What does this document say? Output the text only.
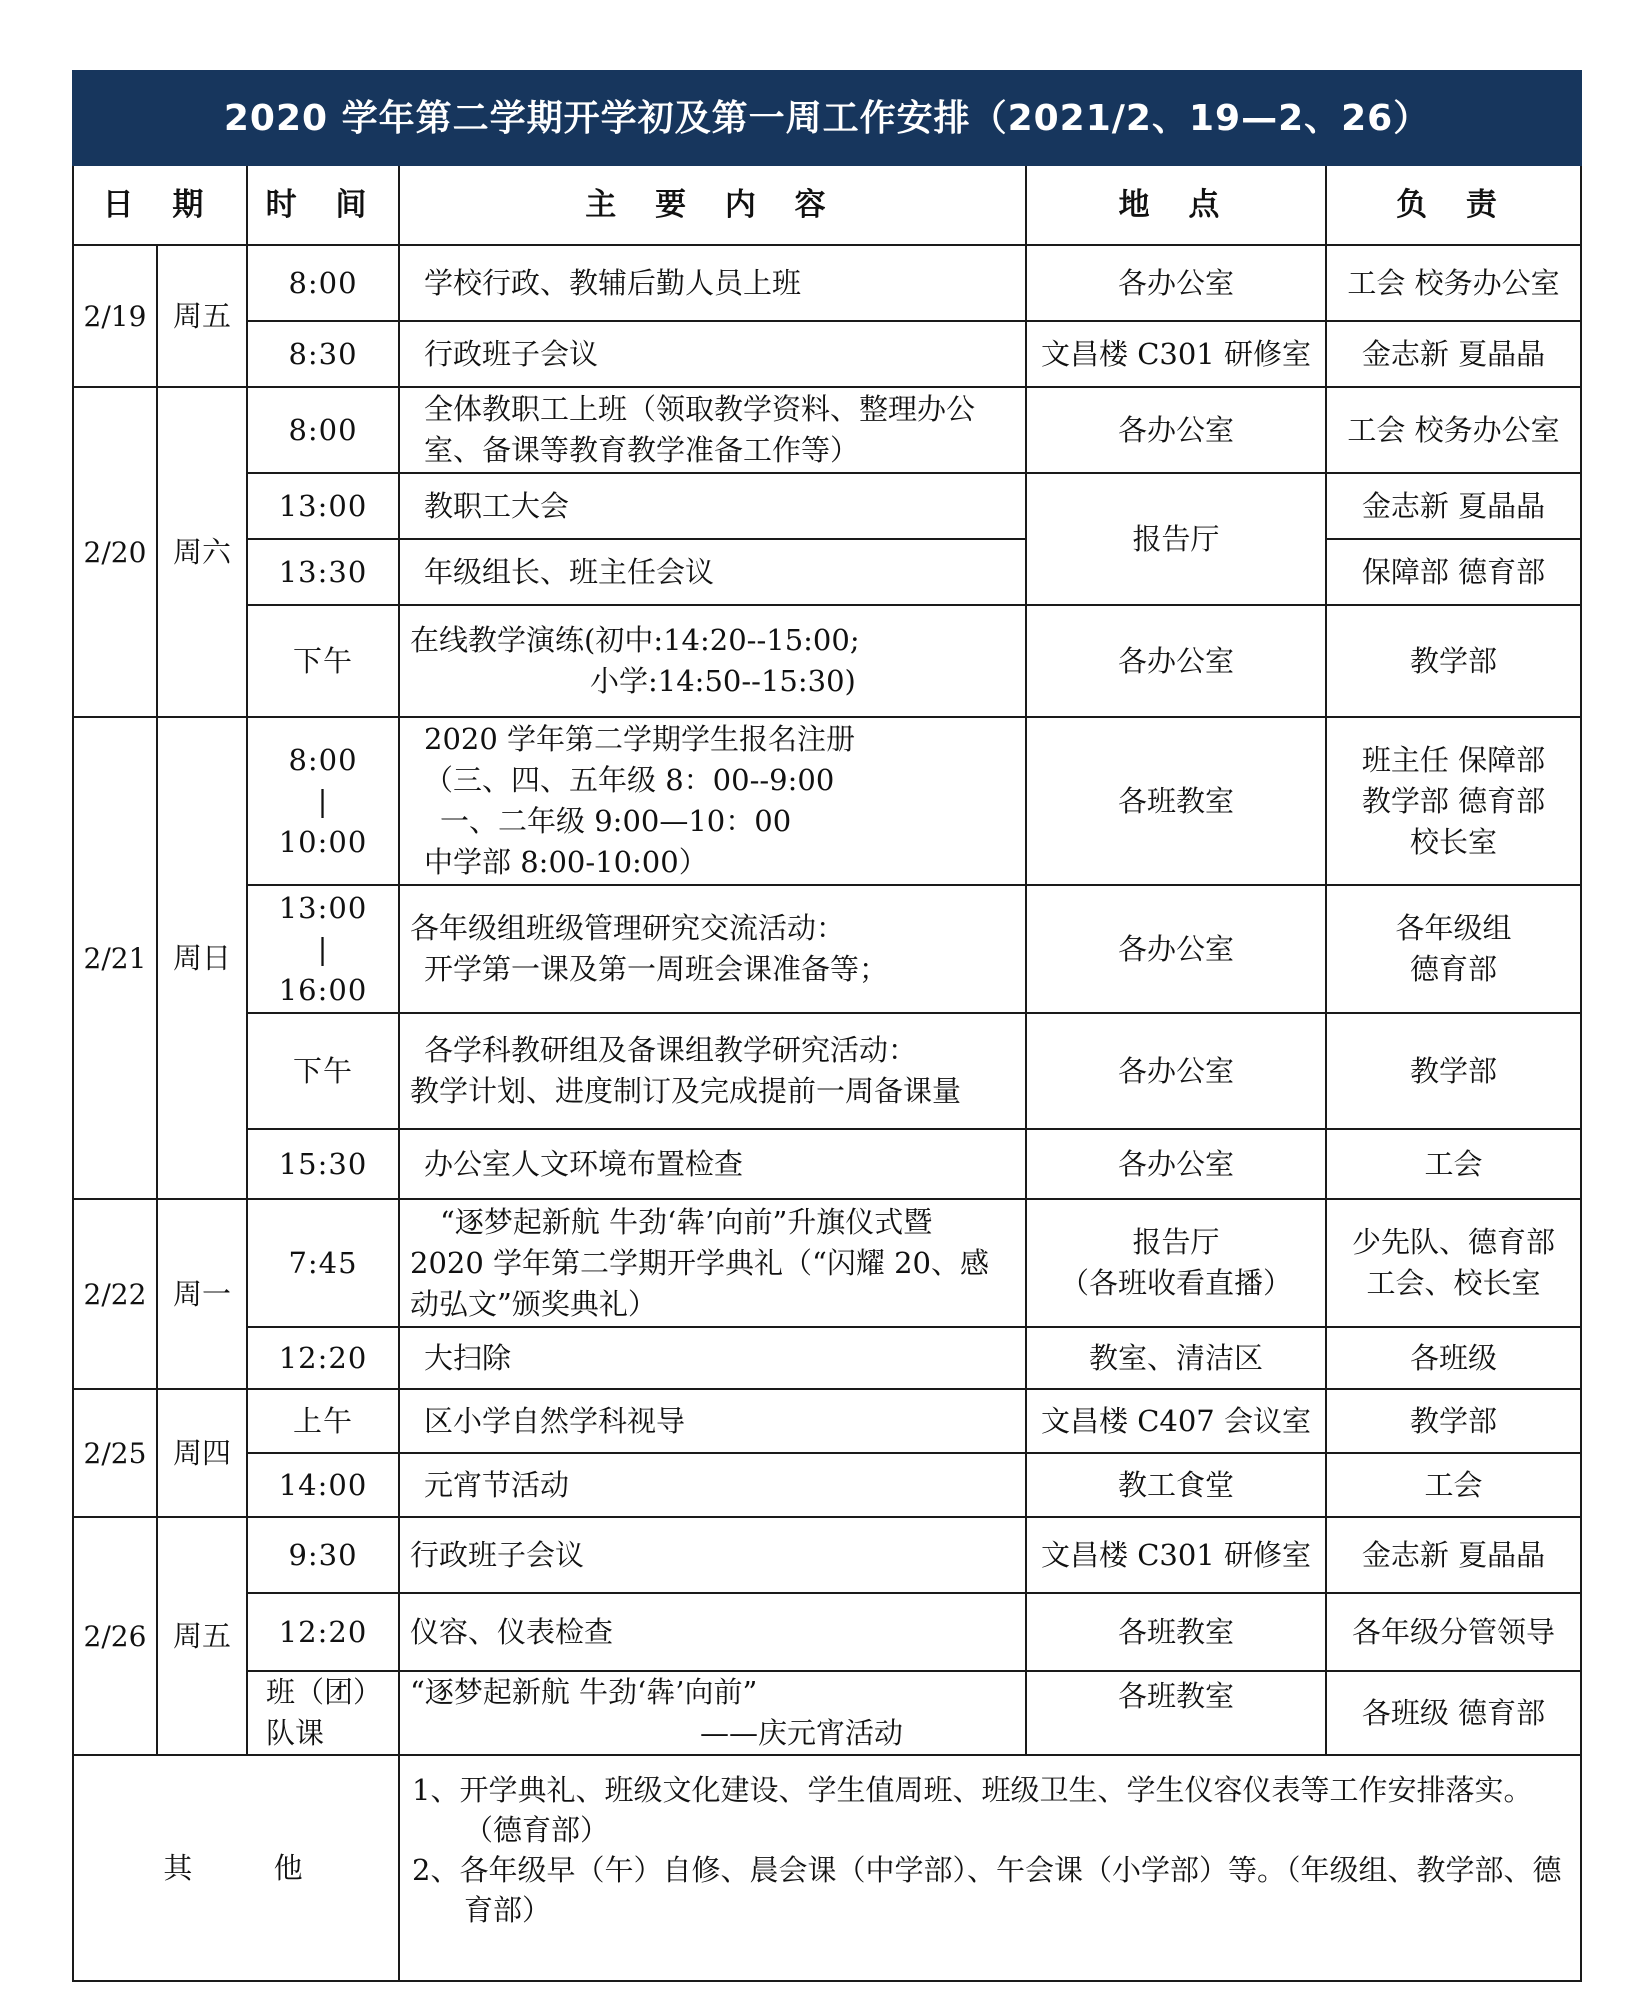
2020 学年第二学期开学初及第一周工作安排（2021/2、19—2、26）					
日 期		时 间	主 要 内 容	地 点	负 责
2/19	周五	8:00	学校行政、教辅后勤人员上班	各办公室	工会 校务办公室

		8:30	行政班子会议	文昌楼 C301 研修室	金志新 夏晶晶

2/20	周六	8:00	全体教职工上班（领取教学资料、整理办公
室、备课等教育教学准备工作等）	各办公室	工会 校务办公室

		13:00	教职工大会	报告厅	金志新 夏晶晶

		13:30	年级组长、班主任会议		保障部 德育部

		下午	在线教学演练(初中:14:20--15:00;
小学:14:50--15:30)	各办公室	教学部

2/21	周日	8:00
|
10:00	2020 学年第二学期学生报名注册
（三、四、五年级 8：00--9:00
一、二年级 9:00—10：00
中学部 8:00-10:00）	各班教室	班主任 保障部
教学部 德育部
校长室

		13:00
|
16:00	各年级组班级管理研究交流活动：
开学第一课及第一周班会课准备等；	各办公室	各年级组
德育部

		下午	各学科教研组及备课组教学研究活动：
教学计划、进度制订及完成提前一周备课量	各办公室	教学部

		15:30	办公室人文环境布置检查	各办公室	工会

2/22	周一	7:45	“逐梦起新航 牛劲‘犇’向前”升旗仪式暨
2020 学年第二学期开学典礼（“闪耀 20、感
动弘文”颁奖典礼）	报告厅
（各班收看直播）	少先队、德育部
工会、校长室

		12:20	大扫除	教室、清洁区	各班级

2/25	周四	上午	区小学自然学科视导	文昌楼 C407 会议室	教学部

		14:00	元宵节活动	教工食堂	工会

2/26	周五	9:30	行政班子会议	文昌楼 C301 研修室	金志新 夏晶晶

		12:20	仪容、仪表检查	各班教室	各年级分管领导

		班（团）
队课	“逐梦起新航 牛劲‘犇’向前”
——庆元宵活动	各班教室	各班级 德育部

其 他			1、开学典礼、班级文化建设、学生值周班、班级卫生、学生仪容仪表等工作安排落实。（德育部）
2、各年级早（午）自修、晨会课（中学部）、午会课（小学部）等。（年级组、教学部、德育部）		
